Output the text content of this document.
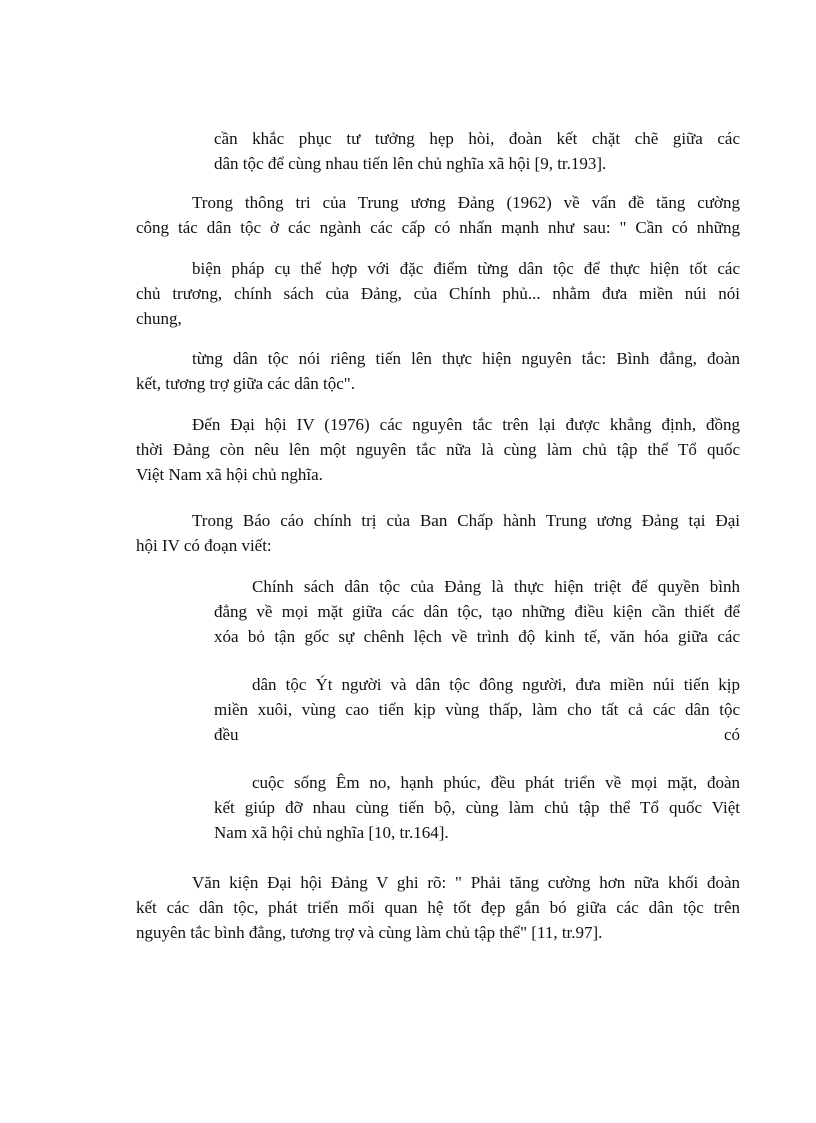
cần khắc phục tư tưởng hẹp hòi, đoàn kết chặt chẽ giữa các
dân tộc để cùng nhau tiến lên chủ nghĩa xã hội [9, tr.193].
Trong thông tri của Trung ương Đảng (1962) về vấn đề tăng cường
công tác dân tộc ở các ngành các cấp có nhấn mạnh như sau: " Cần có những
biện pháp cụ thể hợp với đặc điểm từng dân tộc để thực hiện tốt các
chủ trương, chính sách của Đảng, của Chính phủ... nhằm đưa miền núi nói
chung,
từng dân tộc nói riêng tiến lên thực hiện nguyên tắc: Bình đẳng, đoàn
kết, tương trợ giữa các dân tộc".
Đến Đại hội IV (1976) các nguyên tắc trên lại được khẳng định, đồng
thời Đảng còn nêu lên một nguyên tắc nữa là cùng làm chủ tập thể Tổ quốc
Việt Nam xã hội chủ nghĩa.
Trong Báo cáo chính trị của Ban Chấp hành Trung ương Đảng tại Đại
hội IV có đoạn viết:
Chính sách dân tộc của Đảng là thực hiện triệt để quyền bình
đẳng về mọi mặt giữa các dân tộc, tạo những điều kiện cần thiết để
xóa bỏ tận gốc sự chênh lệch về trình độ kinh tế, văn hóa giữa các
dân tộc Ýt người và dân tộc đông người, đưa miền núi tiến kịp
miền xuôi, vùng cao tiến kịp vùng thấp, làm cho tất cả các dân tộc
đều                                                                  có
cuộc sống Êm no, hạnh phúc, đều phát triển về mọi mặt, đoàn
kết giúp đỡ nhau cùng tiến bộ, cùng làm chủ tập thể Tổ quốc Việt
Nam xã hội chủ nghĩa [10, tr.164].
Văn kiện Đại hội Đảng V ghi rõ: " Phải tăng cường hơn nữa khối đoàn
kết các dân tộc, phát triển mối quan hệ tốt đẹp gắn bó giữa các dân tộc trên
nguyên tắc bình đẳng, tương trợ và cùng làm chủ tập thể" [11, tr.97].
